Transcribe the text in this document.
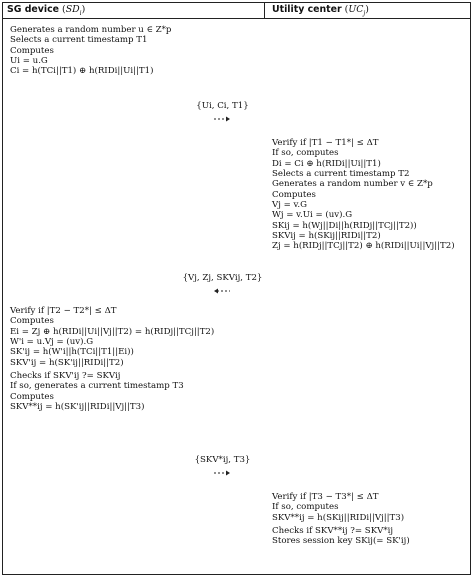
SG device $(SD_i)$	Utility center $(UC_j)$
Generates a random number u ∈ Z*p
Selects a current timestamp T1
Computes
Ui = u.G
Ci = h(TCi||T1) ⊕ h(RIDi||Ui||T1)
{Ui, Ci, T1}
Verify if |T1 − T1*| ≤ ΔT
If so, computes
Di = Ci ⊕ h(RIDi||Ui||T1)
Selects a current timestamp T2
Generates a random number v ∈ Z*p
Computes
Vj = v.G
Wj = v.Ui = (uv).G
SKij = h(Wj||Di||h(RIDj||TCj||T2))
SKVij = h(SKij||RIDi||T2)
Zj = h(RIDj||TCj||T2) ⊕ h(RIDi||Ui||Vj||T2)
{Vj, Zj, SKVij, T2}
Verify if |T2 − T2*| ≤ ΔT
Computes
Ei = Zj ⊕ h(RIDi||Ui||Vj||T2) = h(RIDj||TCj||T2)
W'i = u.Vj = (uv).G
SK'ij = h(W'i||h(TCi||T1||Ei))
SKV'ij = h(SK'ij||RIDi||T2)
Checks if SKV'ij ?= SKVij
If so, generates a current timestamp T3
Computes
SKV**ij = h(SK'ij||RIDi||Vj||T3)
{SKV*ij, T3}
Verify if |T3 − T3*| ≤ ΔT
If so, computes
SKV**ij = h(SKij||RIDi||Vj||T3)
Checks if SKV**ij ?= SKV*ij
Stores session key SKij(= SK'ij)
